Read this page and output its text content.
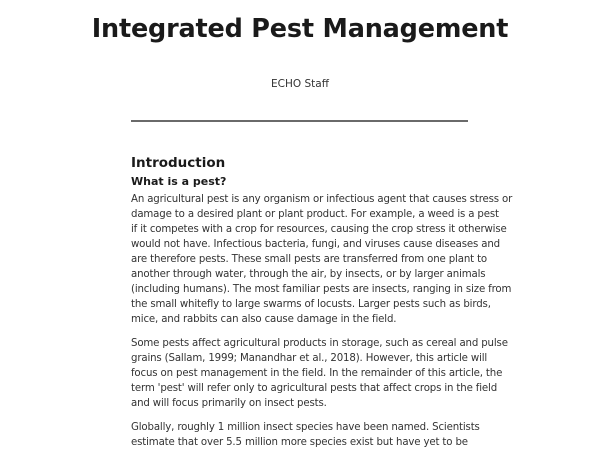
Integrated Pest Management
ECHO Staff
Introduction
What is a pest?

An agricultural pest is any organism or infectious agent that causes stress or
damage to a desired plant or plant product. For example, a weed is a pest
if it competes with a crop for resources, causing the crop stress it otherwise
would not have. Infectious bacteria, fungi, and viruses cause diseases and
are therefore pests. These small pests are transferred from one plant to
another through water, through the air, by insects, or by larger animals
(including humans). The most familiar pests are insects, ranging in size from
the small whitefly to large swarms of locusts. Larger pests such as birds,
mice, and rabbits can also cause damage in the field.

Some pests affect agricultural products in storage, such as cereal and pulse
grains (Sallam, 1999; Manandhar et al., 2018). However, this article will
focus on pest management in the field. In the remainder of this article, the
term 'pest' will refer only to agricultural pests that affect crops in the field
and will focus primarily on insect pests.

Globally, roughly 1 million insect species have been named. Scientists
estimate that over 5.5 million more species exist but have yet to be
